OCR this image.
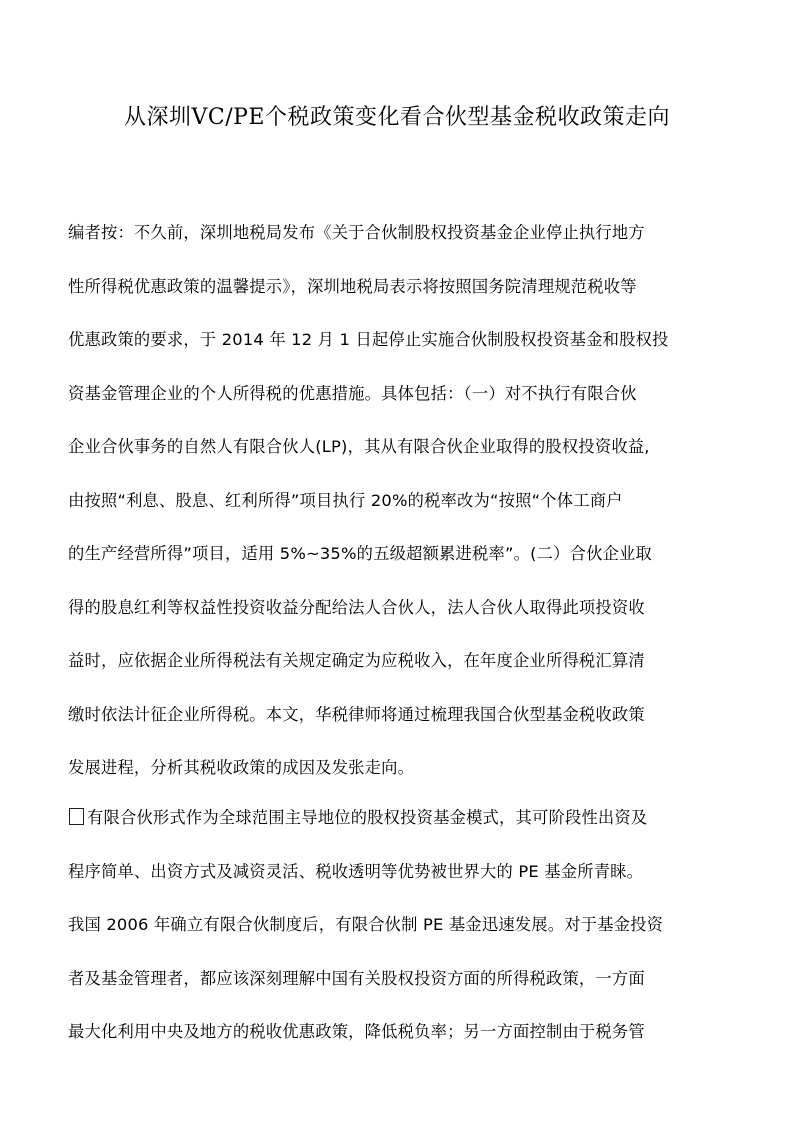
从深圳VC/PE个税政策变化看合伙型基金税收政策走向
编者按：不久前，深圳地税局发布《关于合伙制股权投资基金企业停止执行地方
性所得税优惠政策的温馨提示》，深圳地税局表示将按照国务院清理规范税收等
优惠政策的要求，于 2014 年 12 月 1 日起停止实施合伙制股权投资基金和股权投
资基金管理企业的个人所得税的优惠措施。具体包括：（一）对不执行有限合伙
企业合伙事务的自然人有限合伙人(LP)，其从有限合伙企业取得的股权投资收益,
由按照“利息、股息、红利所得”项目执行 20%的税率改为“按照“个体工商户
的生产经营所得”项目，适用 5%~35%的五级超额累进税率”。(二）合伙企业取
得的股息红利等权益性投资收益分配给法人合伙人，法人合伙人取得此项投资收
益时，应依据企业所得税法有关规定确定为应税收入，在年度企业所得税汇算清
缴时依法计征企业所得税。本文，华税律师将通过梳理我国合伙型基金税收政策
发展进程，分析其税收政策的成因及发张走向。
有限合伙形式作为全球范围主导地位的股权投资基金模式，其可阶段性出资及
程序简单、出资方式及减资灵活、税收透明等优势被世界大的 PE 基金所青睐。
我国 2006 年确立有限合伙制度后，有限合伙制 PE 基金迅速发展。对于基金投资
者及基金管理者，都应该深刻理解中国有关股权投资方面的所得税政策，一方面
最大化利用中央及地方的税收优惠政策，降低税负率；另一方面控制由于税务管
